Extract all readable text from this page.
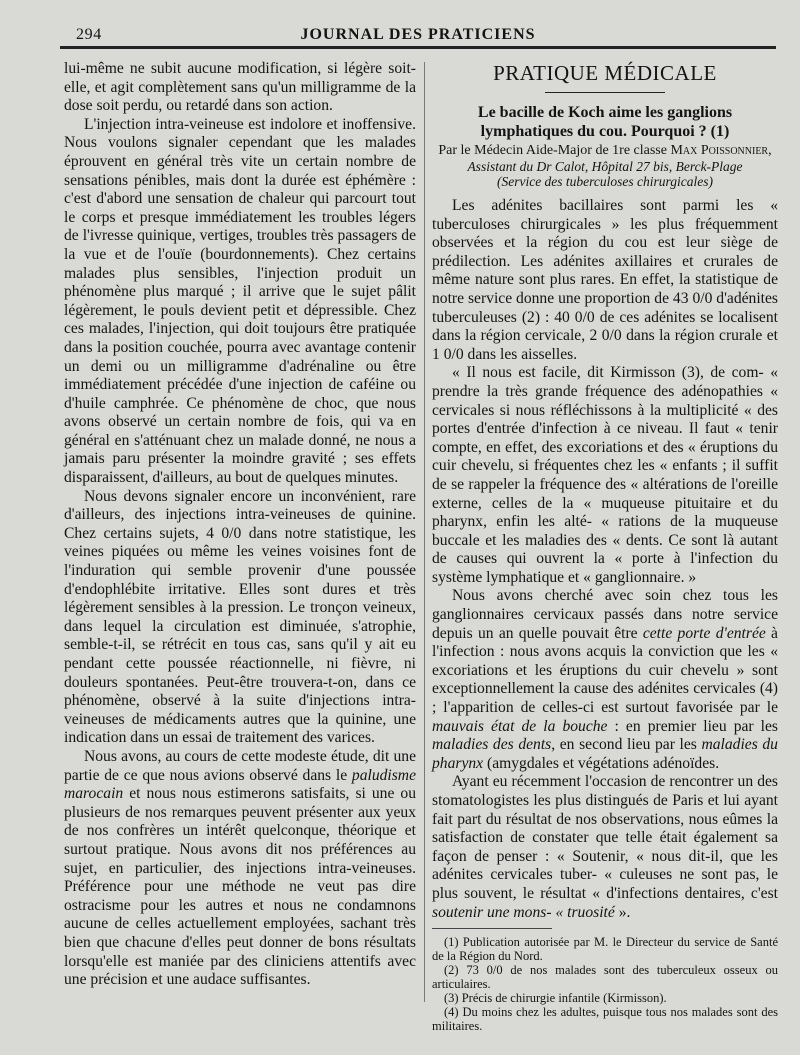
294	JOURNAL DES PRATICIENS

lui-même ne subit aucune modification, si légère soit-elle, et agit complètement sans qu'un milligramme de la dose soit perdu, ou retardé dans son action.

L'injection intra-veineuse est indolore et inoffensive. Nous voulons signaler cependant que les malades éprouvent en général très vite un certain nombre de sensations pénibles, mais dont la durée est éphémère : c'est d'abord une sensation de chaleur qui parcourt tout le corps et presque immédiatement les troubles légers de l'ivresse quinique, vertiges, troubles très passagers de la vue et de l'ouïe (bourdonnements). Chez certains malades plus sensibles, l'injection produit un phénomène plus marqué ; il arrive que le sujet pâlit légèrement, le pouls devient petit et dépressible. Chez ces malades, l'injection, qui doit toujours être pratiquée dans la position couchée, pourra avec avantage contenir un demi ou un milligramme d'adrénaline ou être immédiatement précédée d'une injection de caféine ou d'huile camphrée. Ce phénomène de choc, que nous avons observé un certain nombre de fois, qui va en général en s'atténuant chez un malade donné, ne nous a jamais paru présenter la moindre gravité ; ses effets disparaissent, d'ailleurs, au bout de quelques minutes.

Nous devons signaler encore un inconvénient, rare d'ailleurs, des injections intra-veineuses de quinine. Chez certains sujets, 4 0/0 dans notre statistique, les veines piquées ou même les veines voisines font de l'induration qui semble provenir d'une poussée d'endophlébite irritative. Elles sont dures et très légèrement sensibles à la pression. Le tronçon veineux, dans lequel la circulation est diminuée, s'atrophie, semble-t-il, se rétrécit en tous cas, sans qu'il y ait eu pendant cette poussée réactionnelle, ni fièvre, ni douleurs spontanées. Peut-être trouvera-t-on, dans ce phénomène, observé à la suite d'injections intra-veineuses de médicaments autres que la quinine, une indication dans un essai de traitement des varices.

Nous avons, au cours de cette modeste étude, dit une partie de ce que nous avions observé dans le paludisme marocain et nous nous estimerons satisfaits, si une ou plusieurs de nos remarques peuvent présenter aux yeux de nos confrères un intérêt quelconque, théorique et surtout pratique. Nous avons dit nos préférences au sujet, en particulier, des injections intra-veineuses. Préférence pour une méthode ne veut pas dire ostracisme pour les autres et nous ne condamnons aucune de celles actuellement employées, sachant très bien que chacune d'elles peut donner de bons résultats lorsqu'elle est maniée par des cliniciens attentifs avec une précision et une audace suffisantes.

PRATIQUE MÉDICALE
Le bacille de Koch aime les ganglions lymphatiques du cou. Pourquoi ? (1)
Par le Médecin Aide-Major de 1re classe Max Poissonnier,
Assistant du Dr Calot, Hôpital 27 bis, Berck-Plage
(Service des tuberculoses chirurgicales)

Les adénites bacillaires sont parmi les « tuberculoses chirurgicales » les plus fréquemment observées et la région du cou est leur siège de prédilection. Les adénites axillaires et crurales de même nature sont plus rares. En effet, la statistique de notre service donne une proportion de 43 0/0 d'adénites tuberculeuses (2) : 40 0/0 de ces adénites se localisent dans la région cervicale, 2 0/0 dans la région crurale et 1 0/0 dans les aisselles.

« Il nous est facile, dit Kirmisson (3), de com- « prendre la très grande fréquence des adénopathies « cervicales si nous réfléchissons à la multiplicité « des portes d'entrée d'infection à ce niveau. Il faut « tenir compte, en effet, des excoriations et des « éruptions du cuir chevelu, si fréquentes chez les « enfants ; il suffit de se rappeler la fréquence des « altérations de l'oreille externe, celles de la « muqueuse pituitaire et du pharynx, enfin les alté- « rations de la muqueuse buccale et les maladies des « dents. Ce sont là autant de causes qui ouvrent la « porte à l'infection du système lymphatique et « ganglionnaire. »

Nous avons cherché avec soin chez tous les ganglionnaires cervicaux passés dans notre service depuis un an quelle pouvait être cette porte d'entrée à l'infection : nous avons acquis la conviction que les « excoriations et les éruptions du cuir chevelu » sont exceptionnellement la cause des adénites cervicales (4) ; l'apparition de celles-ci est surtout favorisée par le mauvais état de la bouche : en premier lieu par les maladies des dents, en second lieu par les maladies du pharynx (amygdales et végétations adénoïdes.

Ayant eu récemment l'occasion de rencontrer un des stomatologistes les plus distingués de Paris et lui ayant fait part du résultat de nos observations, nous eûmes la satisfaction de constater que telle était également sa façon de penser : « Soutenir, « nous dit-il, que les adénites cervicales tuber- « culeuses ne sont pas, le plus souvent, le résultat « d'infections dentaires, c'est soutenir une mons- « truosité ».

(1) Publication autorisée par M. le Directeur du service de Santé de la Région du Nord.
(2) 73 0/0 de nos malades sont des tuberculeux osseux ou articulaires.
(3) Précis de chirurgie infantile (Kirmisson).
(4) Du moins chez les adultes, puisque tous nos malades sont des militaires.
